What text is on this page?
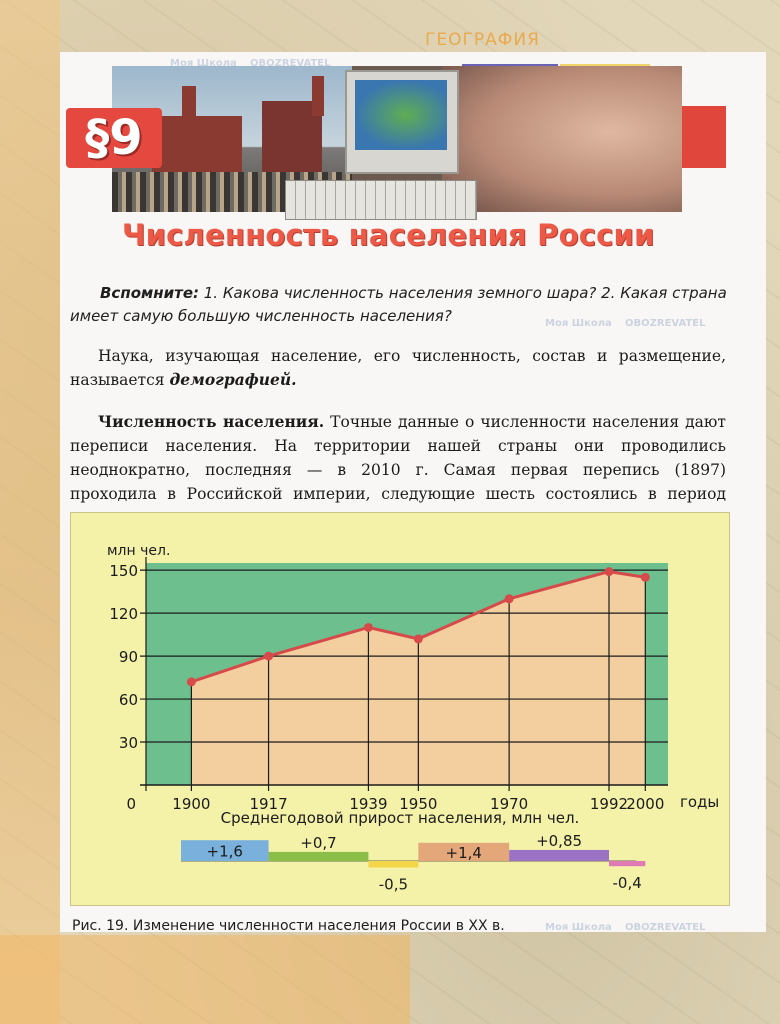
ГЕОГРАФИЯ
§9
Численность населения России
Вспомните: 1. Какова численность населения земного шара? 2. Какая страна имеет самую большую численность населения?
Наука, изучающая население, его численность, состав и размещение, называется демографией.
Численность населения. Точные данные о численности населения дают переписи населения. На территории нашей страны они проводились неоднократно, последняя — в 2010 г. Самая первая перепись (1897) проходила в Российской империи, следующие шесть состоялись в период
30
60
90
120
150
1900	1917	1939 1950	1970	1992
2000
0	годы
млн чел.
Среднегодовой прирост населения, млн чел.
+1,6	+0,7
-0,5
+1,4
+0,85
-0,4
Рис. 19. Изменение численности населения России в XX в.
Моя Школа OBOZREVATEL
Моя Школа OBOZREVATEL
Моя Школа OBOZREVATEL
